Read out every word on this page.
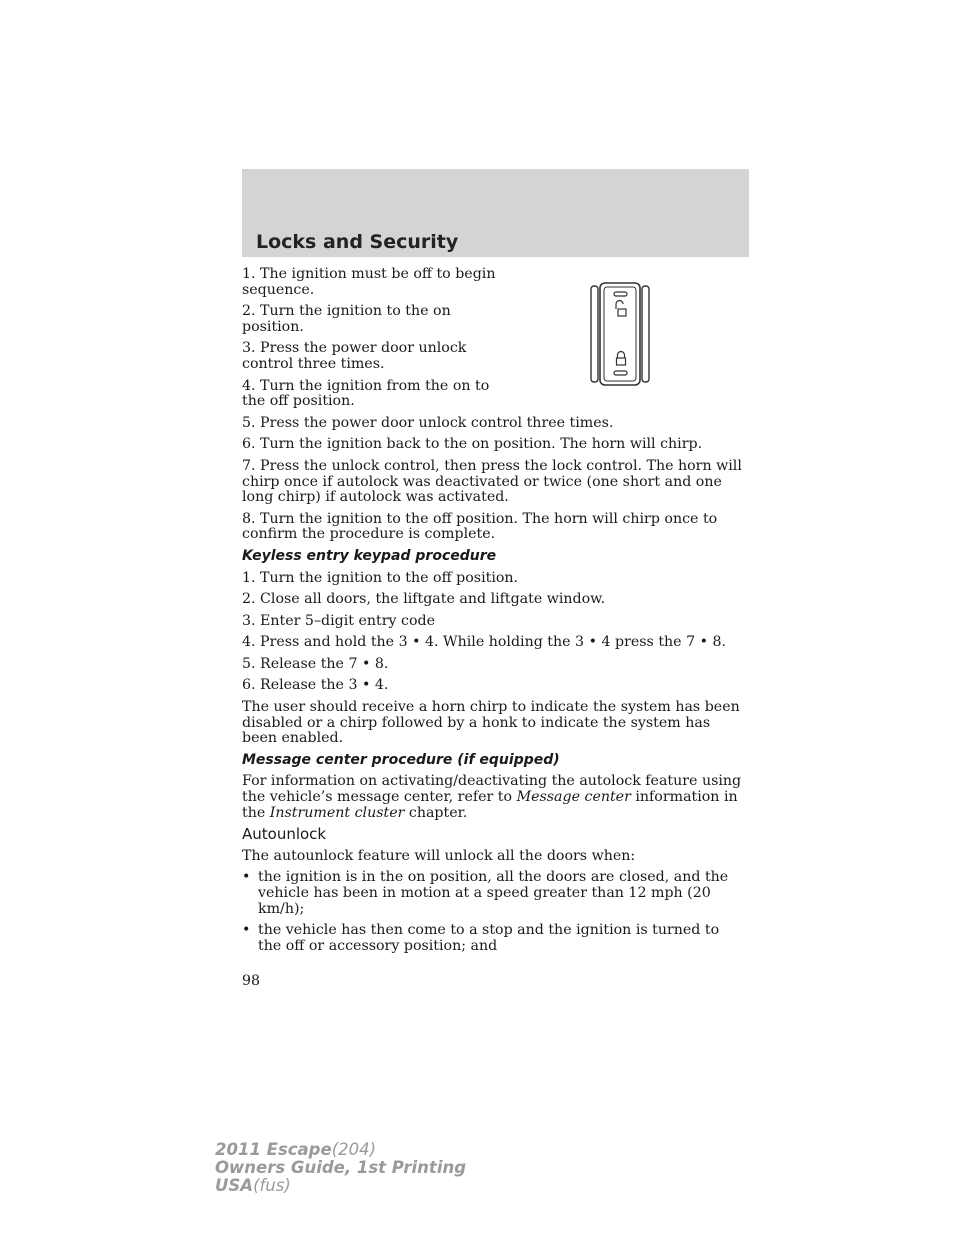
Locks and Security

1. The ignition must be off to begin sequence.

2. Turn the ignition to the on position.

3. Press the power door unlock control three times.

4. Turn the ignition from the on to the off position.

5. Press the power door unlock control three times.

6. Turn the ignition back to the on position. The horn will chirp.

7. Press the unlock control, then press the lock control. The horn will chirp once if autolock was deactivated or twice (one short and one long chirp) if autolock was activated.

8. Turn the ignition to the off position. The horn will chirp once to confirm the procedure is complete.

Keyless entry keypad procedure

1. Turn the ignition to the off position.

2. Close all doors, the liftgate and liftgate window.

3. Enter 5–digit entry code

4. Press and hold the 3 • 4. While holding the 3 • 4 press the 7 • 8.

5. Release the 7 • 8.

6. Release the 3 • 4.

The user should receive a horn chirp to indicate the system has been disabled or a chirp followed by a honk to indicate the system has been enabled.

Message center procedure (if equipped)

For information on activating/deactivating the autolock feature using the vehicle’s message center, refer to Message center information in the Instrument cluster chapter.

Autounlock

The autounlock feature will unlock all the doors when:

• the ignition is in the on position, all the doors are closed, and the vehicle has been in motion at a speed greater than 12 mph (20 km/h);
• the vehicle has then come to a stop and the ignition is turned to the off or accessory position; and

98

2011 Escape(204)
Owners Guide, 1st Printing
USA(fus)
